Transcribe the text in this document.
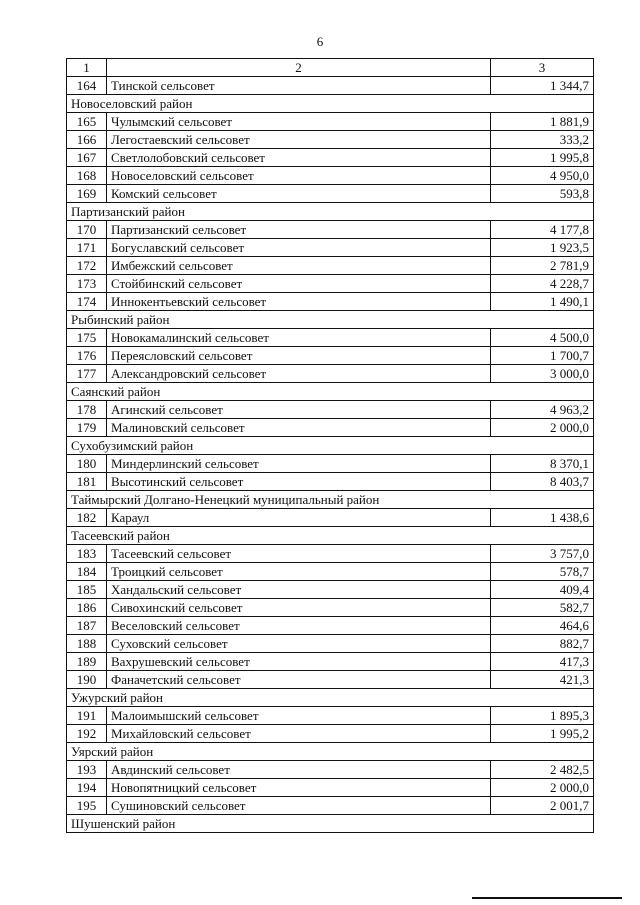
6
1	2	3
164	Тинской сельсовет	1 344,7
Новоселовский район		
165	Чулымский сельсовет	1 881,9
166	Легостаевский сельсовет	333,2
167	Светлолобовский сельсовет	1 995,8
168	Новоселовский сельсовет	4 950,0
169	Комский сельсовет	593,8
Партизанский район		
170	Партизанский сельсовет	4 177,8
171	Богуславский сельсовет	1 923,5
172	Имбежский сельсовет	2 781,9
173	Стойбинский сельсовет	4 228,7
174	Иннокентьевский сельсовет	1 490,1
Рыбинский район		
175	Новокамалинский сельсовет	4 500,0
176	Переясловский сельсовет	1 700,7
177	Александровский сельсовет	3 000,0
Саянский район		
178	Агинский сельсовет	4 963,2
179	Малиновский сельсовет	2 000,0
Сухобузимский район		
180	Миндерлинский сельсовет	8 370,1
181	Высотинский сельсовет	8 403,7
Таймырский Долгано-Ненецкий муниципальный район		
182	Караул	1 438,6
Тасеевский район		
183	Тасеевский сельсовет	3 757,0
184	Троицкий сельсовет	578,7
185	Хандальский сельсовет	409,4
186	Сивохинский сельсовет	582,7
187	Веселовский сельсовет	464,6
188	Суховский сельсовет	882,7
189	Вахрушевский сельсовет	417,3
190	Фаначетский сельсовет	421,3
Ужурский район		
191	Малоимышский сельсовет	1 895,3
192	Михайловский сельсовет	1 995,2
Уярский район		
193	Авдинский сельсовет	2 482,5
194	Новопятницкий сельсовет	2 000,0
195	Сушиновский сельсовет	2 001,7
Шушенский район		
